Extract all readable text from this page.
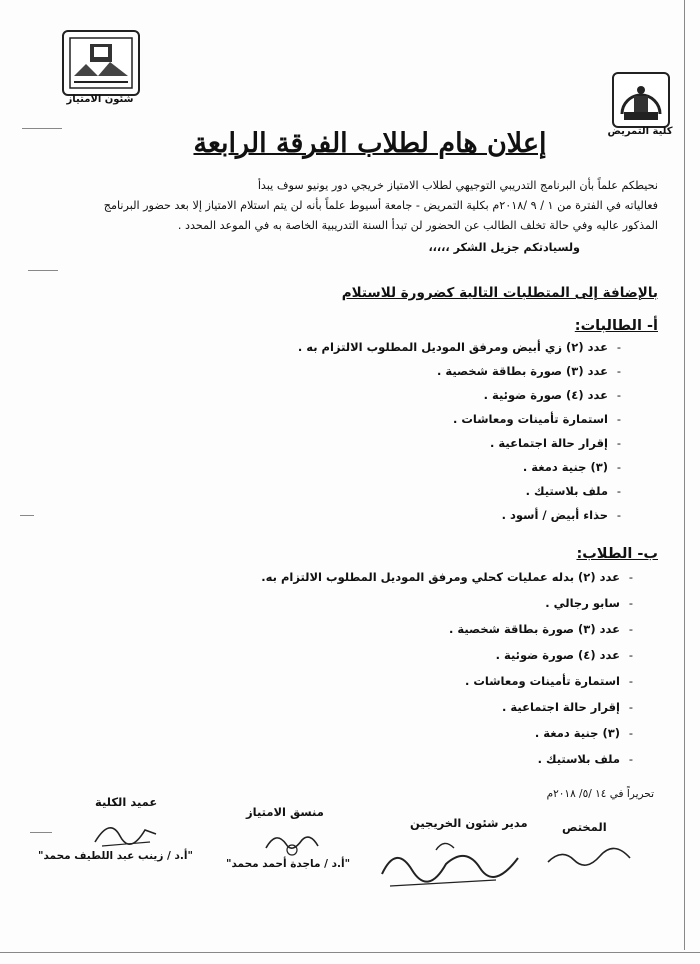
شئون الامتياز
كلية التمريض
إعلان هام لطلاب الفرقة الرابعة
نحيطكم علماً بأن البرنامج التدريبي التوجيهي لطلاب الامتياز خريجي دور يونيو سوف يبدأ
فعالياته في الفترة من ١ / ٩ /٢٠١٨م بكلية التمريض - جامعة أسيوط علماً بأنه لن يتم استلام الامتياز إلا بعد حضور البرنامج
المذكور عاليه وفي حالة تخلف الطالب عن الحضور لن تبدأ السنة التدريبية الخاصة به في الموعد المحدد .
ولسيادتكم جزيل الشكر ،،،،،
بالإضافة إلى المتطلبات التالية كضرورة للاستلام
أ- الطالبات:
-عدد (٢) زي أبيض ومرفق الموديل المطلوب الالتزام به .
-عدد (٣) صورة بطاقة شخصية .
-عدد (٤) صورة ضوئية .
-استمارة تأمينات ومعاشات .
-إقرار حالة اجتماعية .
-(٣) جنية دمغة .
-ملف بلاستيك .
-حذاء أبيض / أسود .
ب- الطلاب:
-عدد (٢) بدله عمليات كحلي ومرفق الموديل المطلوب الالتزام به.
-سابو رجالي .
-عدد (٣) صورة بطاقة شخصية .
-عدد (٤) صورة ضوئية .
-استمارة تأمينات ومعاشات .
-إقرار حالة اجتماعية .
-(٣) جنية دمغة .
-ملف بلاستيك .
تحريراً في ١٤ /٥/ ٢٠١٨م
عميد الكلية
منسق الامتياز
مدير شئون الخريجين	المختص
"أ.د / زينب عبد اللطيف محمد"
"أ.د / ماجدة أحمد محمد"
